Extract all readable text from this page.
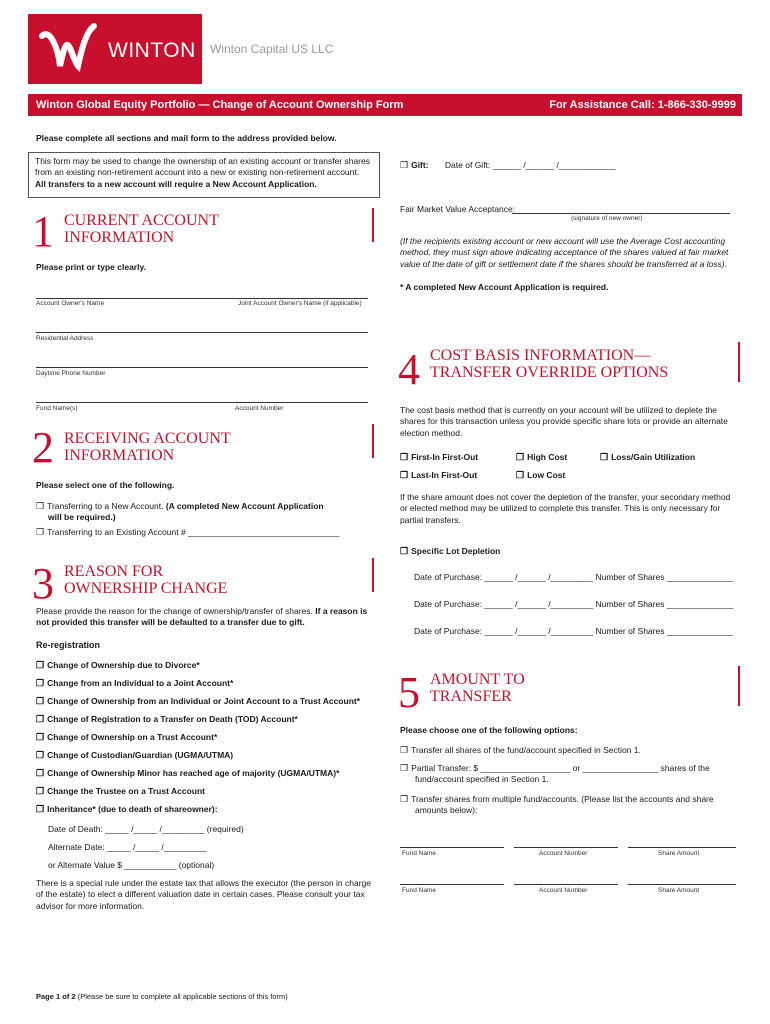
WINTON Winton Capital US LLC
Winton Global Equity Portfolio — Change of Account Ownership Form	For Assistance Call: 1-866-330-9999
Please complete all sections and mail form to the address provided below.
This form may be used to change the ownership of an existing account or transfer shares
from an existing non-retirement account into a new or existing non-retirement account.
All transfers to a new account will require a New Account Application.
1 CURRENT ACCOUNT
INFORMATION
Please print or type clearly.
Account Owner's Name	Joint Account Owner's Name (if applicable)
Residential Address
Daytime Phone Number
Fund Name(s)	Account Number
2 RECEIVING ACCOUNT
INFORMATION
Please select one of the following.
❒ Transferring to a New Account. (A completed New Account Application
will be required.)
❒ Transferring to an Existing Account # ________________________________
3 REASON FOR
OWNERSHIP CHANGE
Please provide the reason for the change of ownership/transfer of shares. If a reason is
not provided this transfer will be defaulted to a transfer due to gift.
Re-registration
❒ Change of Ownership due to Divorce*
❒ Change from an Individual to a Joint Account*
❒ Change of Ownership from an Individual or Joint Account to a Trust Account*
❒ Change of Registration to a Transfer on Death (TOD) Account*
❒ Change of Ownership on a Trust Account*
❒ Change of Custodian/Guardian (UGMA/UTMA)
❒ Change of Ownership Minor has reached age of majority (UGMA/UTMA)*
❒ Change the Trustee on a Trust Account
❒ Inheritance* (due to death of shareowner):
Date of Death: _____ /_____ /_________ (required)
Alternate Date: _____ /_____ /_________
or Alternate Value $ ___________ (optional)
There is a special rule under the estate tax that allows the executor (the person in charge
of the estate) to elect a different valuation date in certain cases. Please consult your tax
advisor for more information.
Page 1 of 2 (Please be sure to complete all applicable sections of this form)
❒ Gift: Date of Gift: ______ /______ /____________
Fair Market Value Acceptance:
(signature of new owner)
(If the recipients existing account or new account will use the Average Cost accounting
method, they must sign above indicating acceptance of the shares valued at fair market
value of the date of gift or settlement date if the shares should be transferred at a loss).
* A completed New Account Application is required.
4 COST BASIS INFORMATION—
TRANSFER OVERRIDE OPTIONS
The cost basis method that is currently on your account will be utilized to deplete the
shares for this transaction unless you provide specific share lots or provide an alternate
election method.
❒ First-In First-Out	❒ High Cost	❒ Loss/Gain Utilization
❒ Last-In First-Out	❒ Low Cost
If the share amount does not cover the depletion of the transfer, your secondary method
or elected method may be utilized to complete this transfer. This is only necessary for
partial transfers.
❒ Specific Lot Depletion
Date of Purchase: ______ /______ /_________ Number of Shares ______________
Date of Purchase: ______ /______ /_________ Number of Shares ______________
Date of Purchase: ______ /______ /_________ Number of Shares ______________
5 AMOUNT TO
TRANSFER
Please choose one of the following options:
❒ Transfer all shares of the fund/account specified in Section 1.
❒ Partial Transfer: $ ___________________ or ________________ shares of the
fund/account specified in Section 1.
❒ Transfer shares from multiple fund/accounts. (Please list the accounts and share
amounts below):
Fund Name	Account Number	Share Amount
Fund Name	Account Number	Share Amount
